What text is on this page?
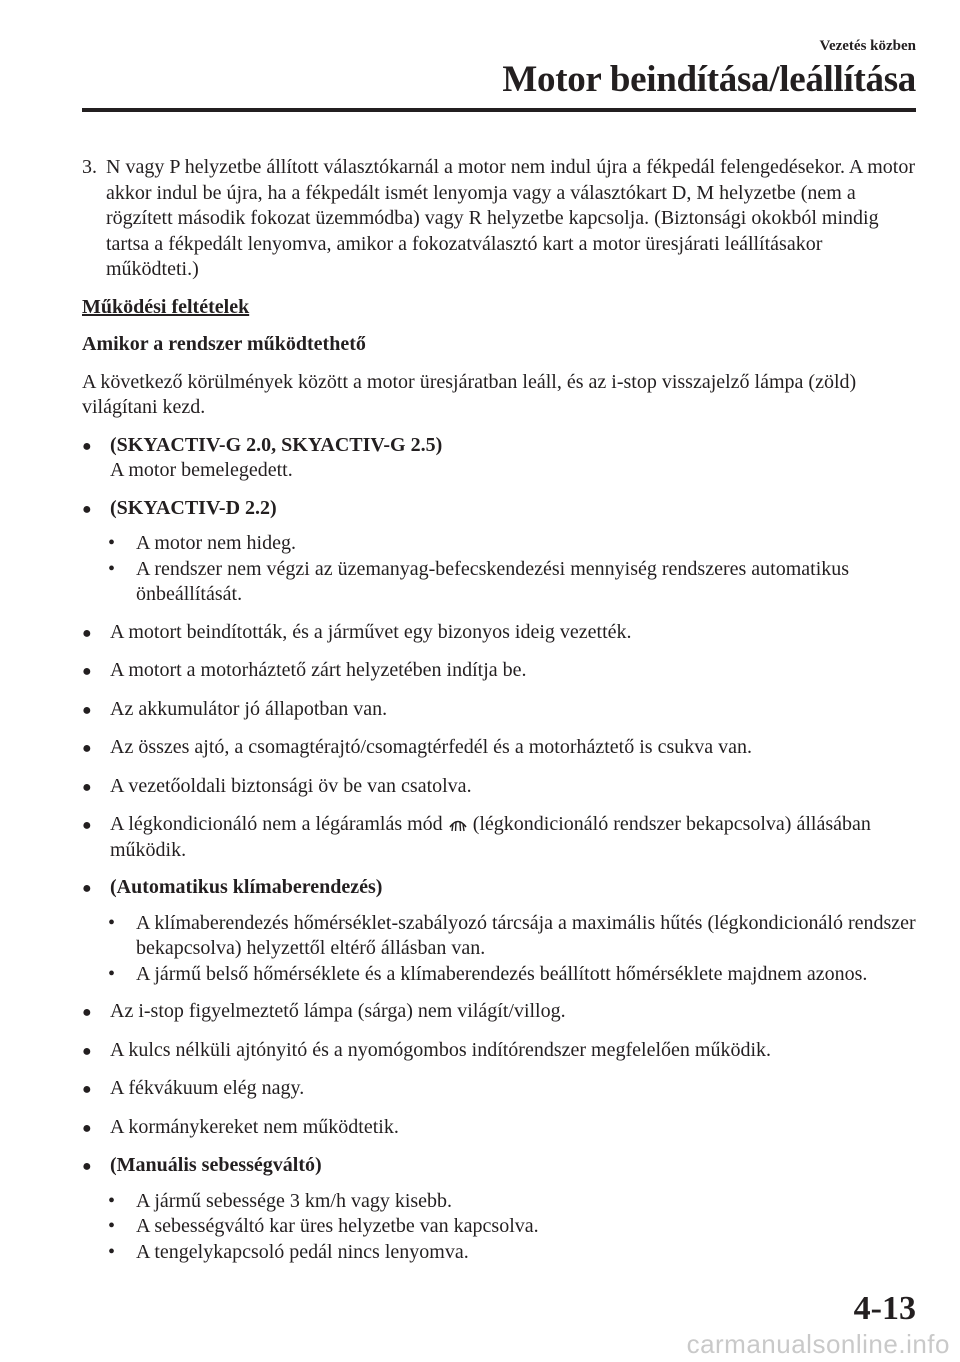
Vezetés közben
Motor beindítása/leállítása
3. N vagy P helyzetbe állított választókarnál a motor nem indul újra a fékpedál felengedésekor. A motor akkor indul be újra, ha a fékpedált ismét lenyomja vagy a választókart D, M helyzetbe (nem a rögzített második fokozat üzemmódba) vagy R helyzetbe kapcsolja. (Biztonsági okokból mindig tartsa a fékpedált lenyomva, amikor a fokozatválasztó kart a motor üresjárati leállításakor működteti.)

Működési feltételek

Amikor a rendszer működtethető

A következő körülmények között a motor üresjáratban leáll, és az i-stop visszajelző lámpa (zöld) világítani kezd.

● (SKYACTIV-G 2.0, SKYACTIV-G 2.5)
A motor bemelegedett.
● (SKYACTIV-D 2.2)
•	A motor nem hideg.
•	A rendszer nem végzi az üzemanyag-befecskendezési mennyiség rendszeres automatikus önbeállítását.
● A motort beindították, és a járművet egy bizonyos ideig vezették.
● A motort a motorháztető zárt helyzetében indítja be.
● Az akkumulátor jó állapotban van.
● Az összes ajtó, a csomagtérajtó/csomagtérfedél és a motorháztető is csukva van.
● A vezetőoldali biztonsági öv be van csatolva.
● A légkondicionáló nem a légáramlás mód (légkondicionáló rendszer bekapcsolva) állásában működik.
● (Automatikus klímaberendezés)
•	A klímaberendezés hőmérséklet-szabályozó tárcsája a maximális hűtés (légkondicionáló rendszer bekapcsolva) helyzettől eltérő állásban van.
•	A jármű belső hőmérséklete és a klímaberendezés beállított hőmérséklete majdnem azonos.
● Az i-stop figyelmeztető lámpa (sárga) nem világít/villog.
● A kulcs nélküli ajtónyitó és a nyomógombos indítórendszer megfelelően működik.
● A fékvákuum elég nagy.
● A kormánykereket nem működtetik.
● (Manuális sebességváltó)
•	A jármű sebessége 3 km/h vagy kisebb.
•	A sebességváltó kar üres helyzetbe van kapcsolva.
•	A tengelykapcsoló pedál nincs lenyomva.
4-13
carmanualsonline.info
